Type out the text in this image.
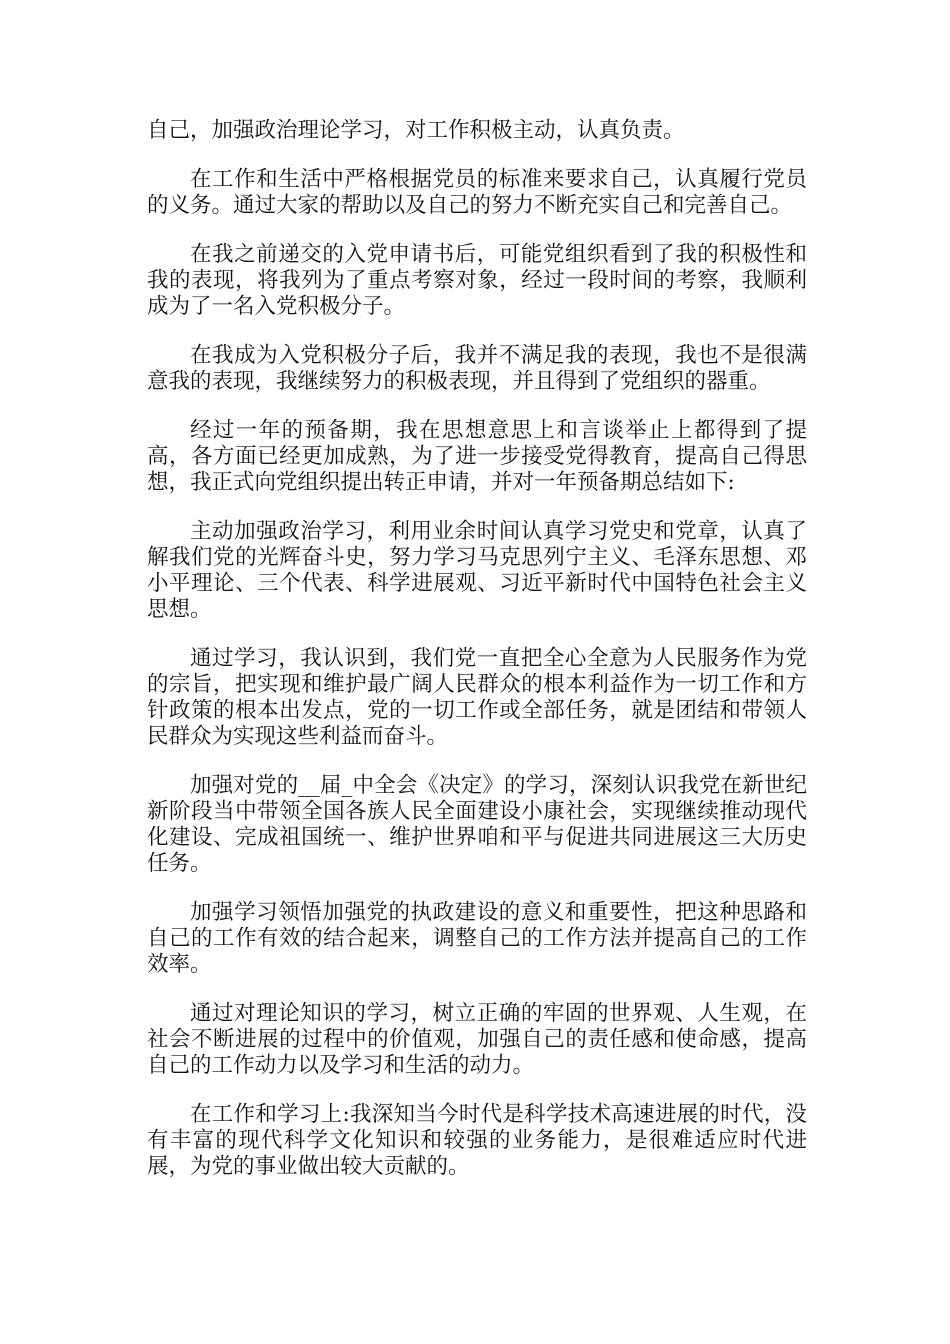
自己，加强政治理论学习，对工作积极主动，认真负责。

在工作和生活中严格根据党员的标准来要求自己，认真履行党员的义务。通过大家的帮助以及自己的努力不断充实自己和完善自己。

在我之前递交的入党申请书后，可能党组织看到了我的积极性和我的表现，将我列为了重点考察对象，经过一段时间的考察，我顺利成为了一名入党积极分子。

在我成为入党积极分子后，我并不满足我的表现，我也不是很满意我的表现，我继续努力的积极表现，并且得到了党组织的器重。

经过一年的预备期，我在思想意思上和言谈举止上都得到了提高，各方面已经更加成熟，为了进一步接受党得教育，提高自己得思想，我正式向党组织提出转正申请，并对一年预备期总结如下:

主动加强政治学习，利用业余时间认真学习党史和党章，认真了解我们党的光辉奋斗史，努力学习马克思列宁主义、毛泽东思想、邓小平理论、三个代表、科学进展观、习近平新时代中国特色社会主义思想。

通过学习，我认识到，我们党一直把全心全意为人民服务作为党的宗旨，把实现和维护最广阔人民群众的根本利益作为一切工作和方针政策的根本出发点，党的一切工作或全部任务，就是团结和带领人民群众为实现这些利益而奋斗。

加强对党的__届_中全会《决定》的学习，深刻认识我党在新世纪新阶段当中带领全国各族人民全面建设小康社会，实现继续推动现代化建设、完成祖国统一、维护世界咱和平与促进共同进展这三大历史任务。

加强学习领悟加强党的执政建设的意义和重要性，把这种思路和自己的工作有效的结合起来，调整自己的工作方法并提高自己的工作效率。

通过对理论知识的学习，树立正确的牢固的世界观、人生观，在社会不断进展的过程中的价值观，加强自己的责任感和使命感，提高自己的工作动力以及学习和生活的动力。

在工作和学习上:我深知当今时代是科学技术高速进展的时代，没有丰富的现代科学文化知识和较强的业务能力，是很难适应时代进展，为党的事业做出较大贡献的。
